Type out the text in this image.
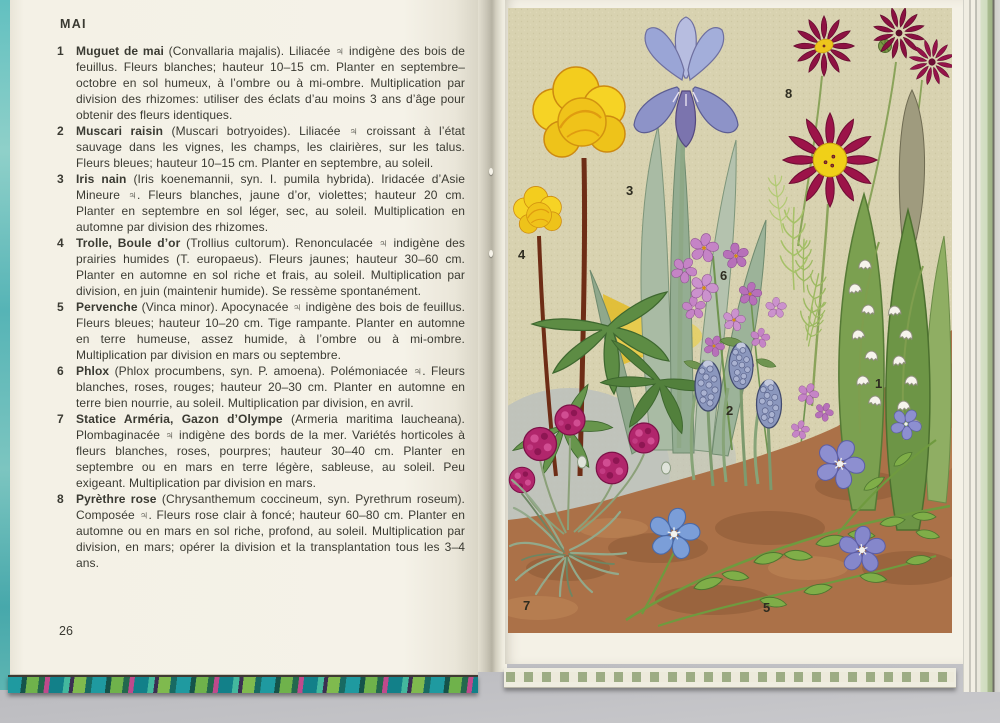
MAI

1 Muguet de mai (Convallaria majalis). Liliacée ♃ indigène des bois de feuillus. Fleurs blanches; hauteur 10–15 cm. Planter en septembre–octobre en sol humeux, à l’ombre ou à mi-ombre. Multiplication par division des rhizomes: utiliser des éclats d’au moins 3 ans d’âge pour obtenir des fleurs identiques.

2 Muscari raisin (Muscari botryoides). Liliacée ♃ croissant à l’état sauvage dans les vignes, les champs, les clairières, sur les talus. Fleurs bleues; hauteur 10–15 cm. Planter en septembre, au soleil.

3 Iris nain (Iris koenemannii, syn. I. pumila hybrida). Iridacée d’Asie Mineure ♃. Fleurs blanches, jaune d’or, violettes; hauteur 20 cm. Planter en septembre en sol léger, sec, au soleil. Multiplication en automne par division des rhizomes.

4 Trolle, Boule d’or (Trollius cultorum). Renonculacée ♃ indigène des prairies humides (T. europaeus). Fleurs jaunes; hauteur 30–60 cm. Planter en automne en sol riche et frais, au soleil. Multiplication par division, en juin (maintenir humide). Se ressème spontanément.

5 Pervenche (Vinca minor). Apocynacée ♃ indigène des bois de feuillus. Fleurs bleues; hauteur 10–20 cm. Tige rampante. Planter en automne en terre humeuse, assez humide, à l’ombre ou à mi-ombre. Multiplication par division en mars ou septembre.

6 Phlox (Phlox procumbens, syn. P. amoena). Polémoniacée ♃. Fleurs blanches, roses, rouges; hauteur 20–30 cm. Planter en automne en terre bien nourrie, au soleil. Multiplication par division, en avril.

7 Statice Arméria, Gazon d’Olympe (Armeria maritima laucheana). Plombaginacée ♃ indigène des bords de la mer. Variétés horticoles à fleurs blanches, roses, pourpres; hauteur 30–40 cm. Planter en septembre ou en mars en terre légère, sableuse, au soleil. Peu exigeant. Multiplication par division en mars.

8 Pyrèthre rose (Chrysanthemum coccineum, syn. Pyrethrum roseum). Composée ♃. Fleurs rose clair à foncé; hauteur 60–80 cm. Planter en automne ou en mars en sol riche, profond, au soleil. Multiplication par division, en mars; opérer la division et la transplantation tous les 3–4 ans.

26
1
2
3
4
5
6
7
8
